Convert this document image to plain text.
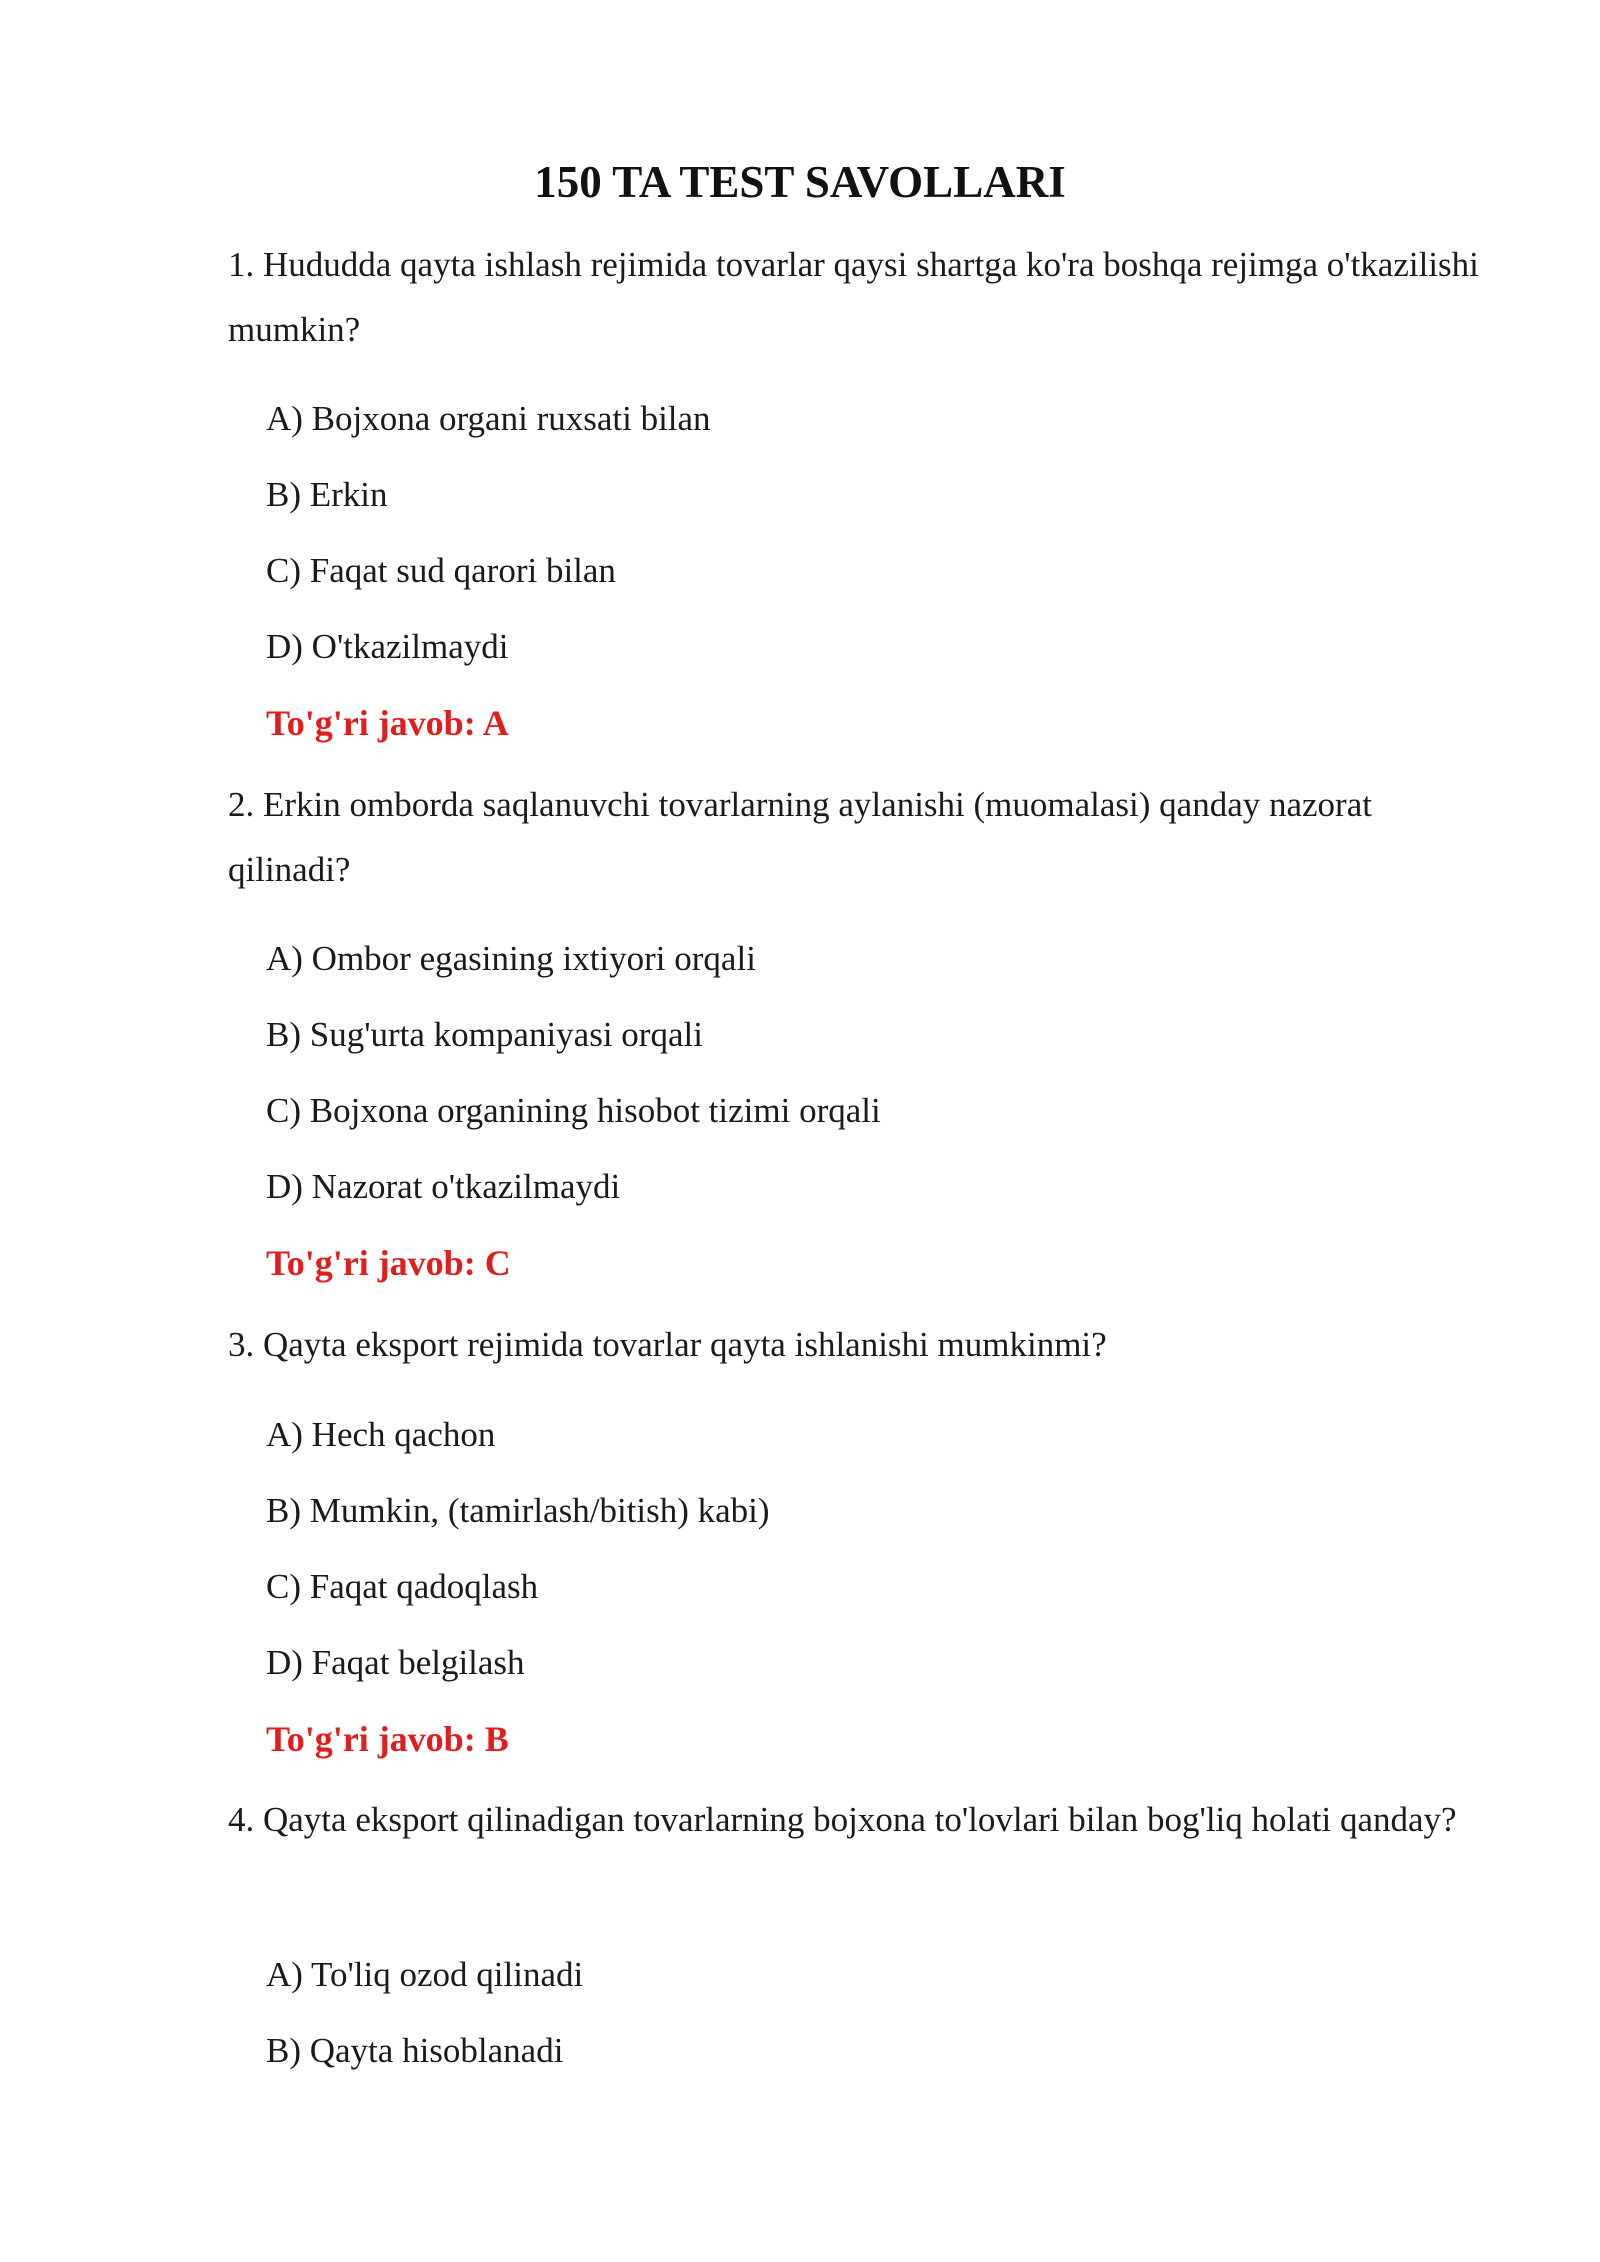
150 TA TEST SAVOLLARI
1. Hududda qayta ishlash rejimida tovarlar qaysi shartga ko'ra boshqa rejimga o'tkazilishi mumkin?
A) Bojxona organi ruxsati bilan
B) Erkin
C) Faqat sud qarori bilan
D) O'tkazilmaydi
To'g'ri javob: A
2. Erkin omborda saqlanuvchi tovarlarning aylanishi (muomalasi) qanday nazorat qilinadi?
A) Ombor egasining ixtiyori orqali
B) Sug'urta kompaniyasi orqali
C) Bojxona organining hisobot tizimi orqali
D) Nazorat o'tkazilmaydi
To'g'ri javob: C
3. Qayta eksport rejimida tovarlar qayta ishlanishi mumkinmi?
A) Hech qachon
B) Mumkin, (tamirlash/bitish) kabi)
C) Faqat qadoqlash
D) Faqat belgilash
To'g'ri javob: B
4. Qayta eksport qilinadigan tovarlarning bojxona to'lovlari bilan bog'liq holati qanday?
A) To'liq ozod qilinadi
B) Qayta hisoblanadi
